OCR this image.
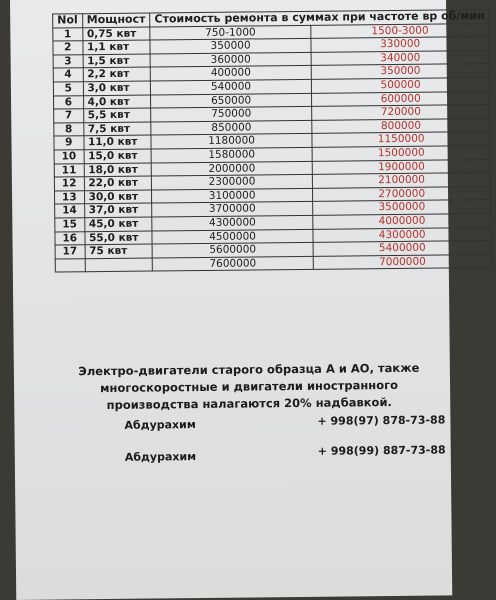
Nol	Мощност	Стоимость ремонта в суммах при частоте вр об/мин	
1	0,75 квт	750-1000	1500-3000
2	1,1 квт	350000	330000
3	1,5 квт	360000	340000
4	2,2 квт	400000	350000
5	3,0 квт	540000	500000
6	4,0 квт	650000	600000
7	5,5 квт	750000	720000
8	7,5 квт	850000	800000
9	11,0 квт	1180000	1150000
10	15,0 квт	1580000	1500000
11	18,0 квт	2000000	1900000
12	22,0 квт	2300000	2100000
13	30,0 квт	3100000	2700000
14	37,0 квт	3700000	3500000
15	45,0 квт	4300000	4000000
16	55,0 квт	4500000	4300000
17	75 квт	5600000	5400000
		7600000	7000000
Электро-двигатели старого образца А и АО, также многоскоростные и двигатели иностранного производства налагаются 20% надбавкой.
Абдурахим	+ 998(97) 878-73-88
Абдурахим	+ 998(99) 887-73-88
